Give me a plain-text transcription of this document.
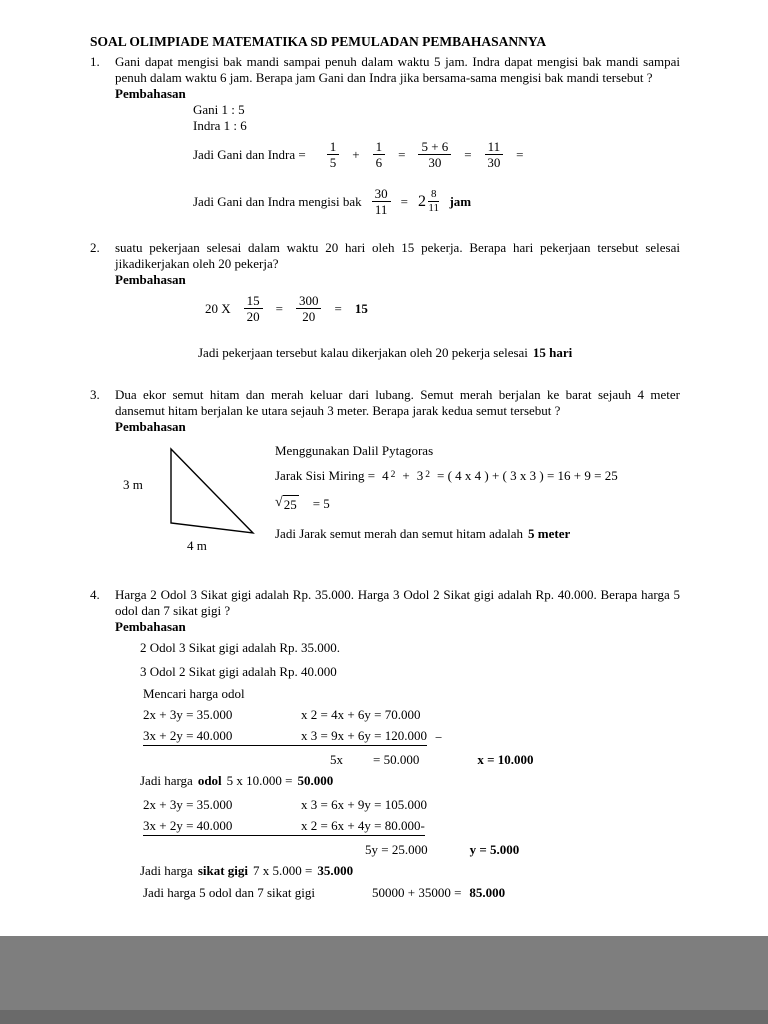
SOAL OLIMPIADE MATEMATIKA SD PEMULADAN PEMBAHASANNYA
1.	Gani dapat mengisi bak mandi sampai penuh dalam waktu 5 jam. Indra dapat mengisi bak mandi sampai penuh dalam waktu 6 jam. Berapa jam Gani dan Indra jika bersama-sama mengisi bak mandi tersebut ?
Pembahasan
Gani 1 : 5
Indra 1 : 6
Jadi Gani dan Indra = $\frac{1}{5} + \frac{1}{6} = \frac{5 + 6}{30} = \frac{11}{30}$ =
Jadi Gani dan Indra mengisi bak $\frac{30}{11} = 2 \frac{8}{11}$ jam
2.	suatu pekerjaan selesai dalam waktu 20 hari oleh 15 pekerja. Berapa hari pekerjaan tersebut selesai jikadikerjakan oleh 20 pekerja?
Pembahasan
20 X $\frac{15}{20} = \frac{300}{20} = 15$
Jadi pekerjaan tersebut kalau dikerjakan oleh 20 pekerja selesai 15 hari
3.	Dua ekor semut hitam dan merah keluar dari lubang. Semut merah berjalan ke barat sejauh 4 meter dansemut hitam berjalan ke utara sejauh 3 meter. Berapa jarak kedua semut tersebut ?
Pembahasan
3 m
4 m
Menggunakan Dalil Pytagoras
Jarak Sisi Miring = $4^2 + 3^2$ = ( 4 x 4 ) + ( 3 x 3 ) = 16 + 9 = 25
√ 25 = 5
Jadi Jarak semut merah dan semut hitam adalah 5 meter
4.	Harga 2 Odol 3 Sikat gigi adalah Rp. 35.000. Harga 3 Odol 2 Sikat gigi adalah Rp. 40.000. Berapa harga 5 odol dan 7 sikat gigi ?
Pembahasan
2 Odol 3 Sikat gigi adalah Rp. 35.000.
3 Odol 2 Sikat gigi adalah Rp. 40.000
Mencari harga odol
2x + 3y = 35.000	x 2 = 4x + 6y = 70.000
3x + 2y = 40.000	x 3 = 9x + 6y = 120.000 −
5x = 50.000	x = 10.000
Jadi harga odol 5 x 10.000 = 50.000
2x + 3y = 35.000	x 3 = 6x + 9y = 105.000
3x + 2y = 40.000	x 2 = 6x + 4y = 80.000-
5y = 25.000	y = 5.000
Jadi harga sikat gigi 7 x 5.000 = 35.000
Jadi harga 5 odol dan 7 sikat gigi	50000 + 35000 = 85.000
